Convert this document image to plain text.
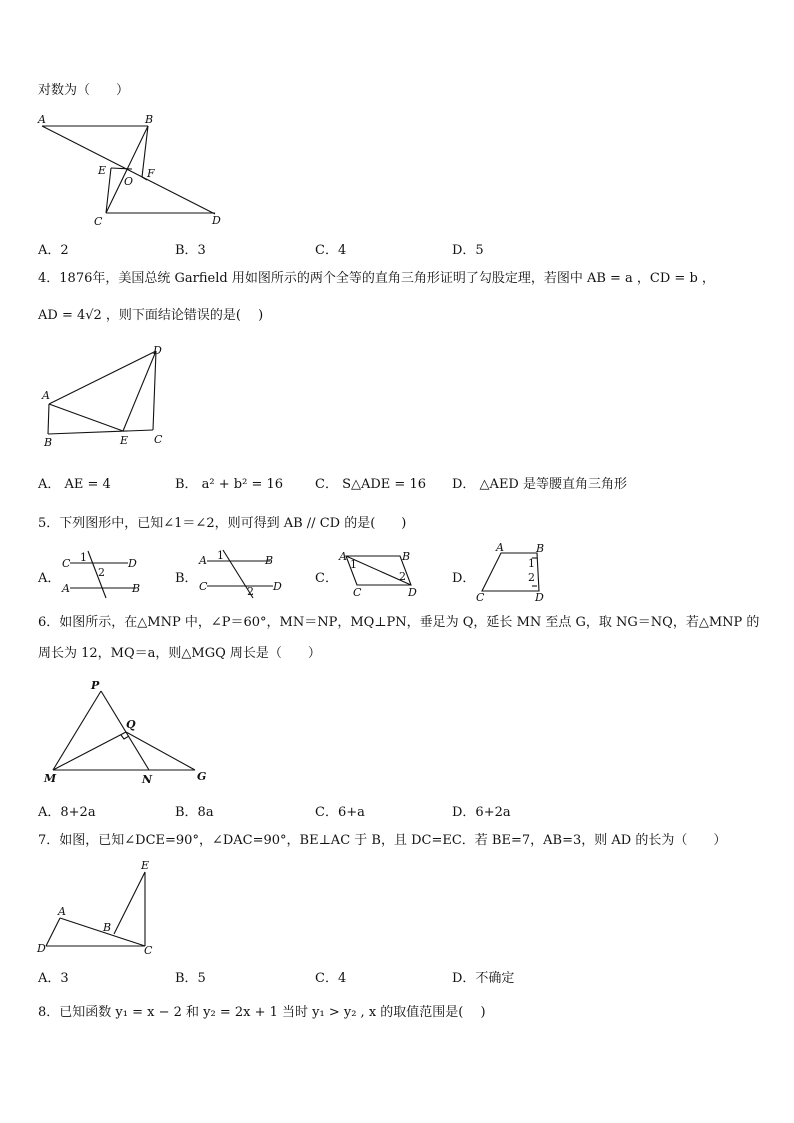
对数为（　　）
A	B
E
O
F
C	D
A．2	B．3	C．4	D．5
4．1876年，美国总统 Garfield 用如图所示的两个全等的直角三角形证明了勾股定理，若图中 AB = a ，CD = b ，
AD = 4√2 ，则下面结论错误的是(　 )
A
B	E C
D
A． AE = 4	B． a² + b² = 16 C． S△ADE = 16 D． △AED 是等腰直角三角形
5．下列图形中，已知∠1＝∠2，则可得到 AB // CD 的是(　　)
A．
C 1	D
2
A	B
B．
A 1	B
C	2 D
C．
A	B
1
2
C	D
D．
A	B
1
2
C	D
6．如图所示，在△MNP 中，∠P＝60°，MN＝NP，MQ⊥PN，垂足为 Q，延长 MN 至点 G，取 NG＝NQ，若△MNP 的
周长为 12，MQ＝a，则△MGQ 周长是（　　）
P
Q
M	N	G
A．8+2a	B．8a	C．6+a	D．6+2a
7．如图，已知∠DCE=90°，∠DAC=90°，BE⊥AC 于 B，且 DC=EC．若 BE=7，AB=3，则 AD 的长为（　　）
E
A
B
D	C
A．3	B．5	C．4	D．不确定
8．已知函数 y₁ = x − 2 和 y₂ = 2x + 1 当时 y₁ > y₂ , x 的取值范围是(　 )
